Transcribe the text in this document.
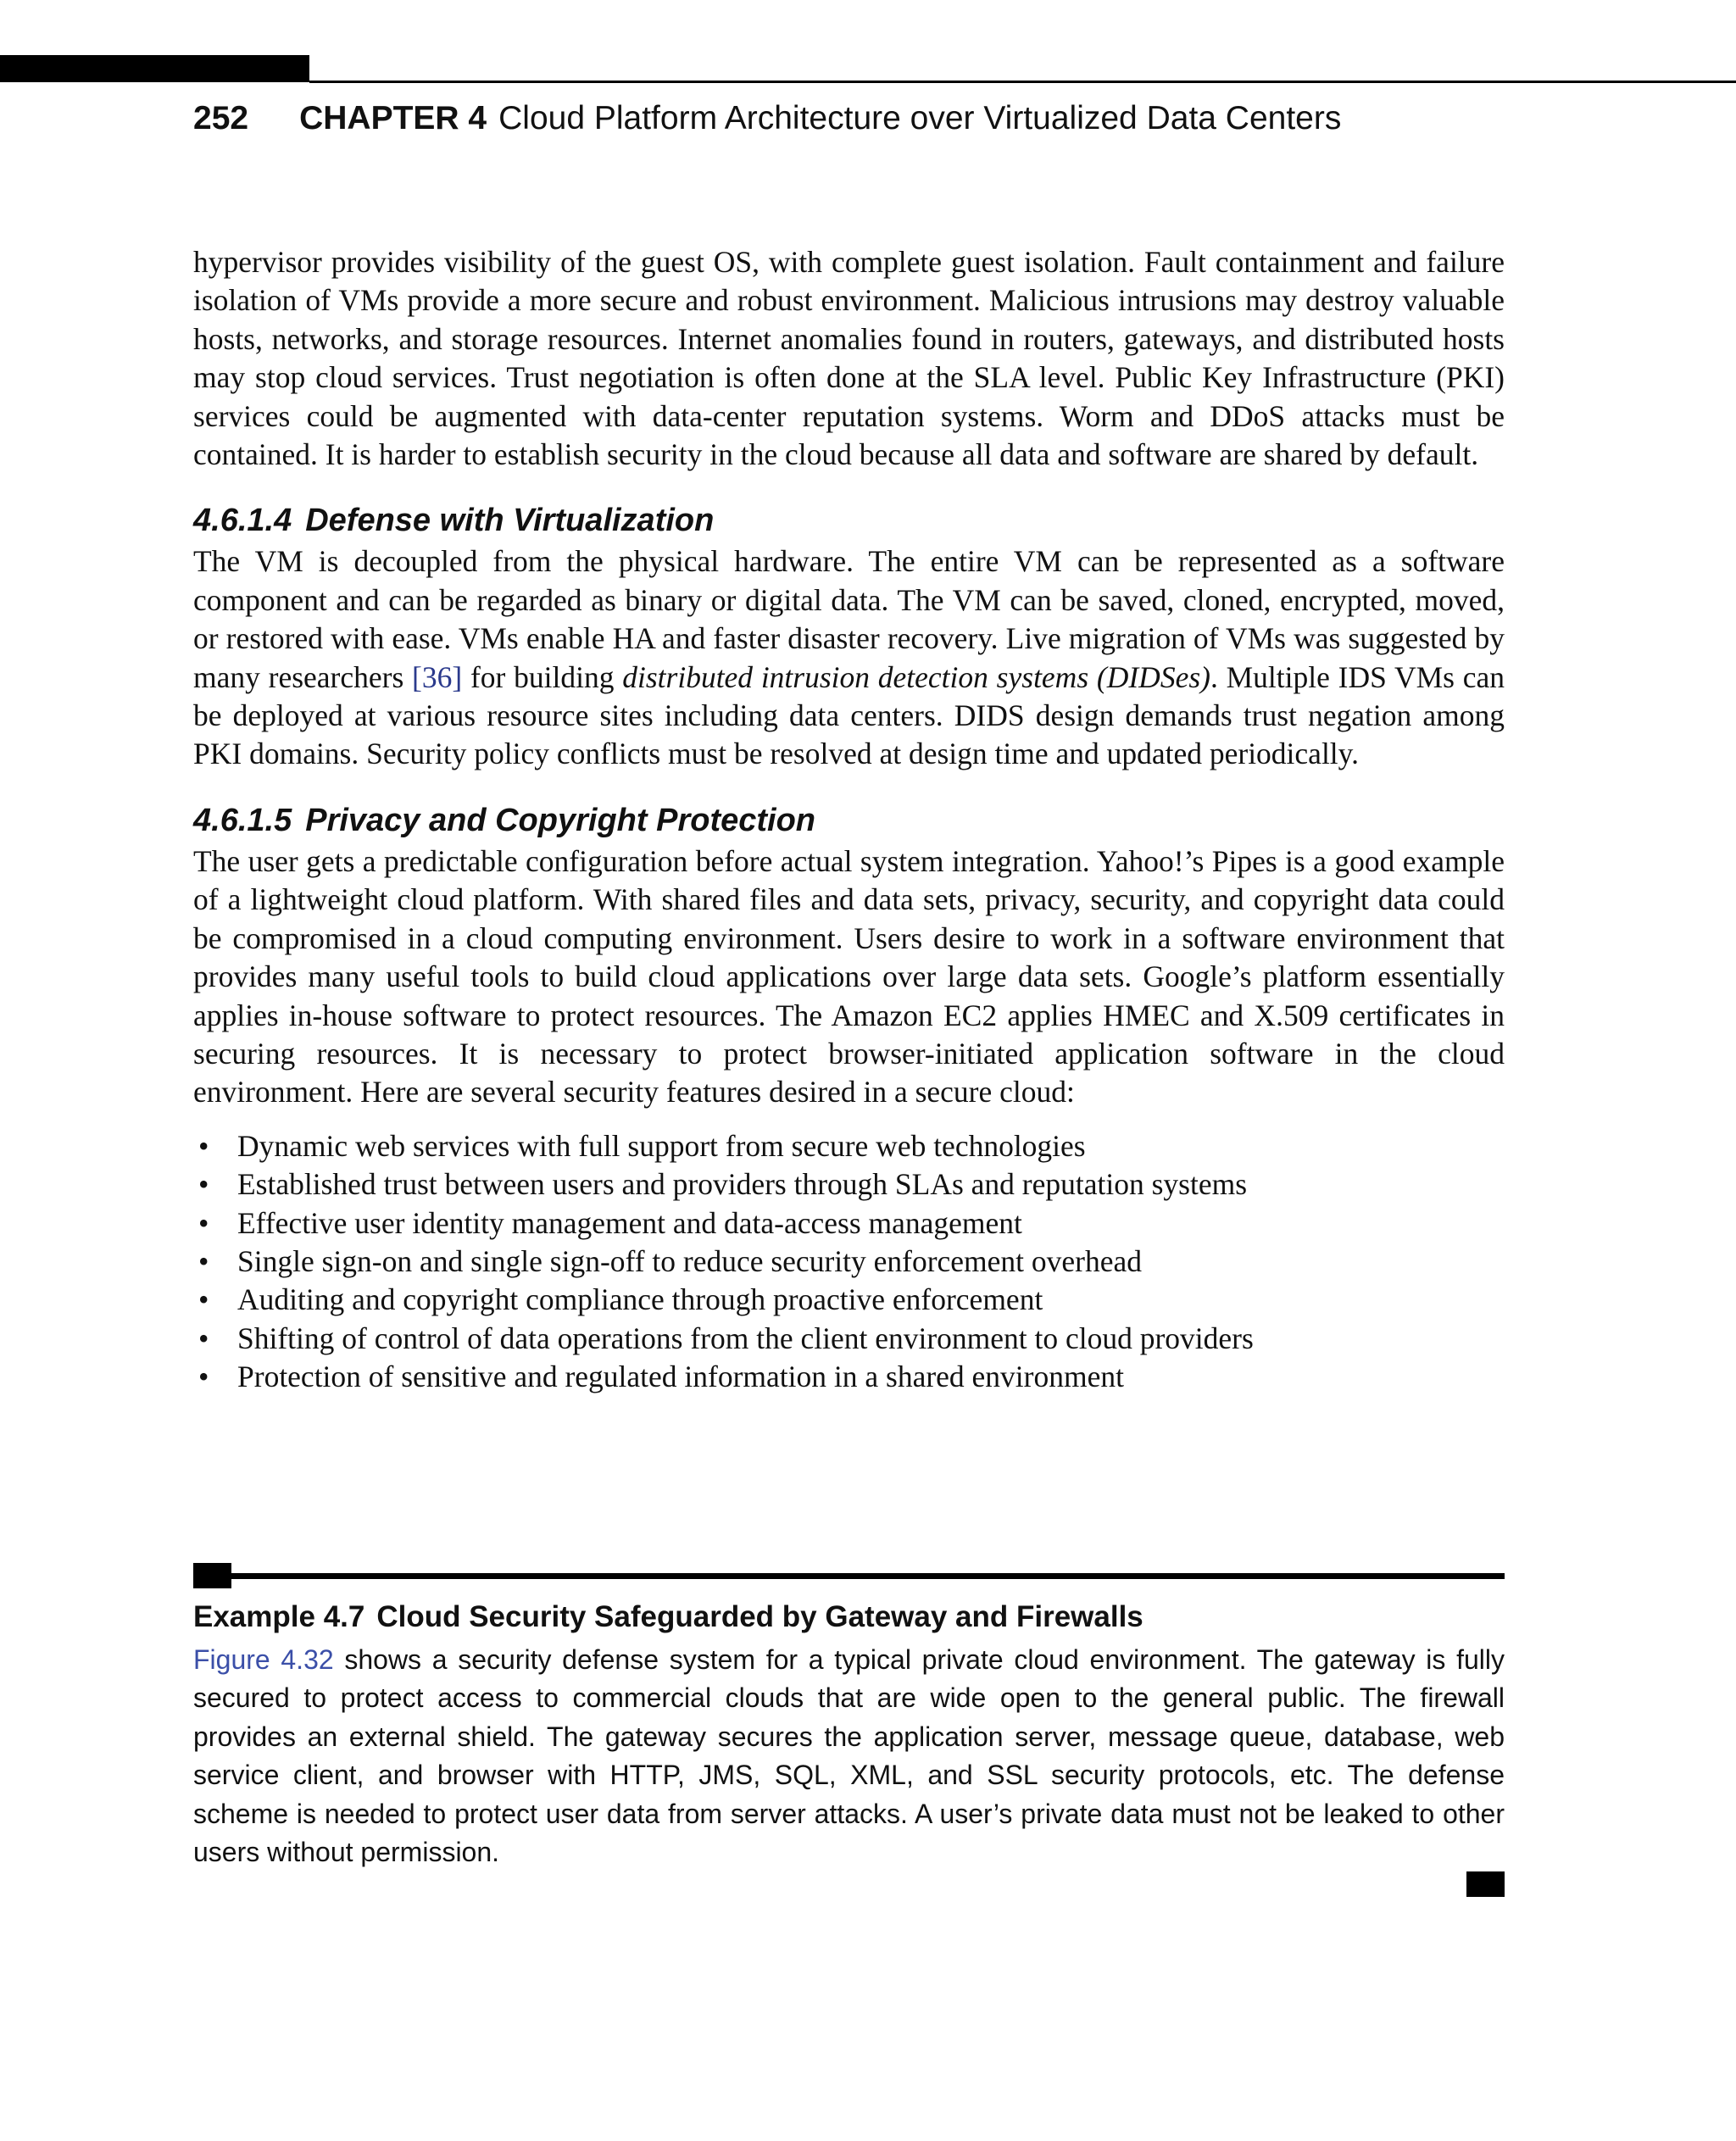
252 CHAPTER 4 Cloud Platform Architecture over Virtualized Data Centers

hypervisor provides visibility of the guest OS, with complete guest isolation. Fault containment and failure isolation of VMs provide a more secure and robust environment. Malicious intrusions may destroy valuable hosts, networks, and storage resources. Internet anomalies found in routers, gateways, and distributed hosts may stop cloud services. Trust negotiation is often done at the SLA level. Public Key Infrastructure (PKI) services could be augmented with data-center reputation systems. Worm and DDoS attacks must be contained. It is harder to establish security in the cloud because all data and software are shared by default.

4.6.1.4 Defense with Virtualization

The VM is decoupled from the physical hardware. The entire VM can be represented as a software component and can be regarded as binary or digital data. The VM can be saved, cloned, encrypted, moved, or restored with ease. VMs enable HA and faster disaster recovery. Live migration of VMs was suggested by many researchers [36] for building distributed intrusion detection systems (DIDSes). Multiple IDS VMs can be deployed at various resource sites including data centers. DIDS design demands trust negation among PKI domains. Security policy conflicts must be resolved at design time and updated periodically.

4.6.1.5 Privacy and Copyright Protection

The user gets a predictable configuration before actual system integration. Yahoo!’s Pipes is a good example of a lightweight cloud platform. With shared files and data sets, privacy, security, and copyright data could be compromised in a cloud computing environment. Users desire to work in a software environment that provides many useful tools to build cloud applications over large data sets. Google’s platform essentially applies in-house software to protect resources. The Amazon EC2 applies HMEC and X.509 certificates in securing resources. It is necessary to protect browser-initiated application software in the cloud environment. Here are several security features desired in a secure cloud:

• Dynamic web services with full support from secure web technologies
• Established trust between users and providers through SLAs and reputation systems
• Effective user identity management and data-access management
• Single sign-on and single sign-off to reduce security enforcement overhead
• Auditing and copyright compliance through proactive enforcement
• Shifting of control of data operations from the client environment to cloud providers
• Protection of sensitive and regulated information in a shared environment
Example 4.7 Cloud Security Safeguarded by Gateway and Firewalls

Figure 4.32 shows a security defense system for a typical private cloud environment. The gateway is fully secured to protect access to commercial clouds that are wide open to the general public. The firewall provides an external shield. The gateway secures the application server, message queue, database, web service client, and browser with HTTP, JMS, SQL, XML, and SSL security protocols, etc. The defense scheme is needed to protect user data from server attacks. A user’s private data must not be leaked to other users without permission.
